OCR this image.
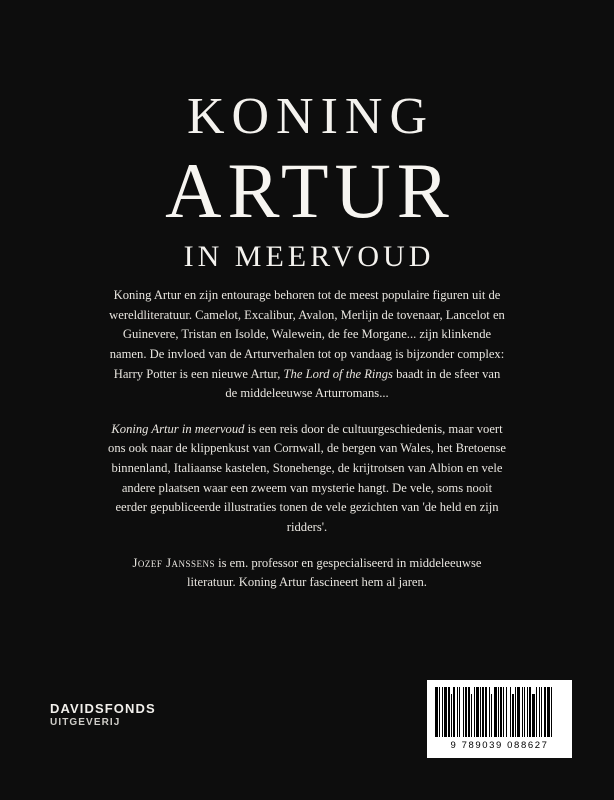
KONING
ARTUR
IN MEERVOUD

Koning Artur en zijn entourage behoren tot de meest populaire figuren uit de wereldliteratuur. Camelot, Excalibur, Avalon, Merlijn de tovenaar, Lancelot en Guinevere, Tristan en Isolde, Walewein, de fee Morgane... zijn klinkende namen. De invloed van de Arturverhalen tot op vandaag is bijzonder complex: Harry Potter is een nieuwe Artur, The Lord of the Rings baadt in de sfeer van de middeleeuwse Arturromans...

Koning Artur in meervoud is een reis door de cultuurgeschiedenis, maar voert ons ook naar de klippenkust van Cornwall, de bergen van Wales, het Bretoense binnenland, Italiaanse kastelen, Stonehenge, de krijtrotsen van Albion en vele andere plaatsen waar een zweem van mysterie hangt. De vele, soms nooit eerder gepubliceerde illustraties tonen de vele gezichten van 'de held en zijn ridders'.

Jozef Janssens is em. professor en gespecialiseerd in middeleeuwse literatuur. Koning Artur fascineert hem al jaren.

DAVIDSFONDS
UITGEVERIJ
9 789039 088627
